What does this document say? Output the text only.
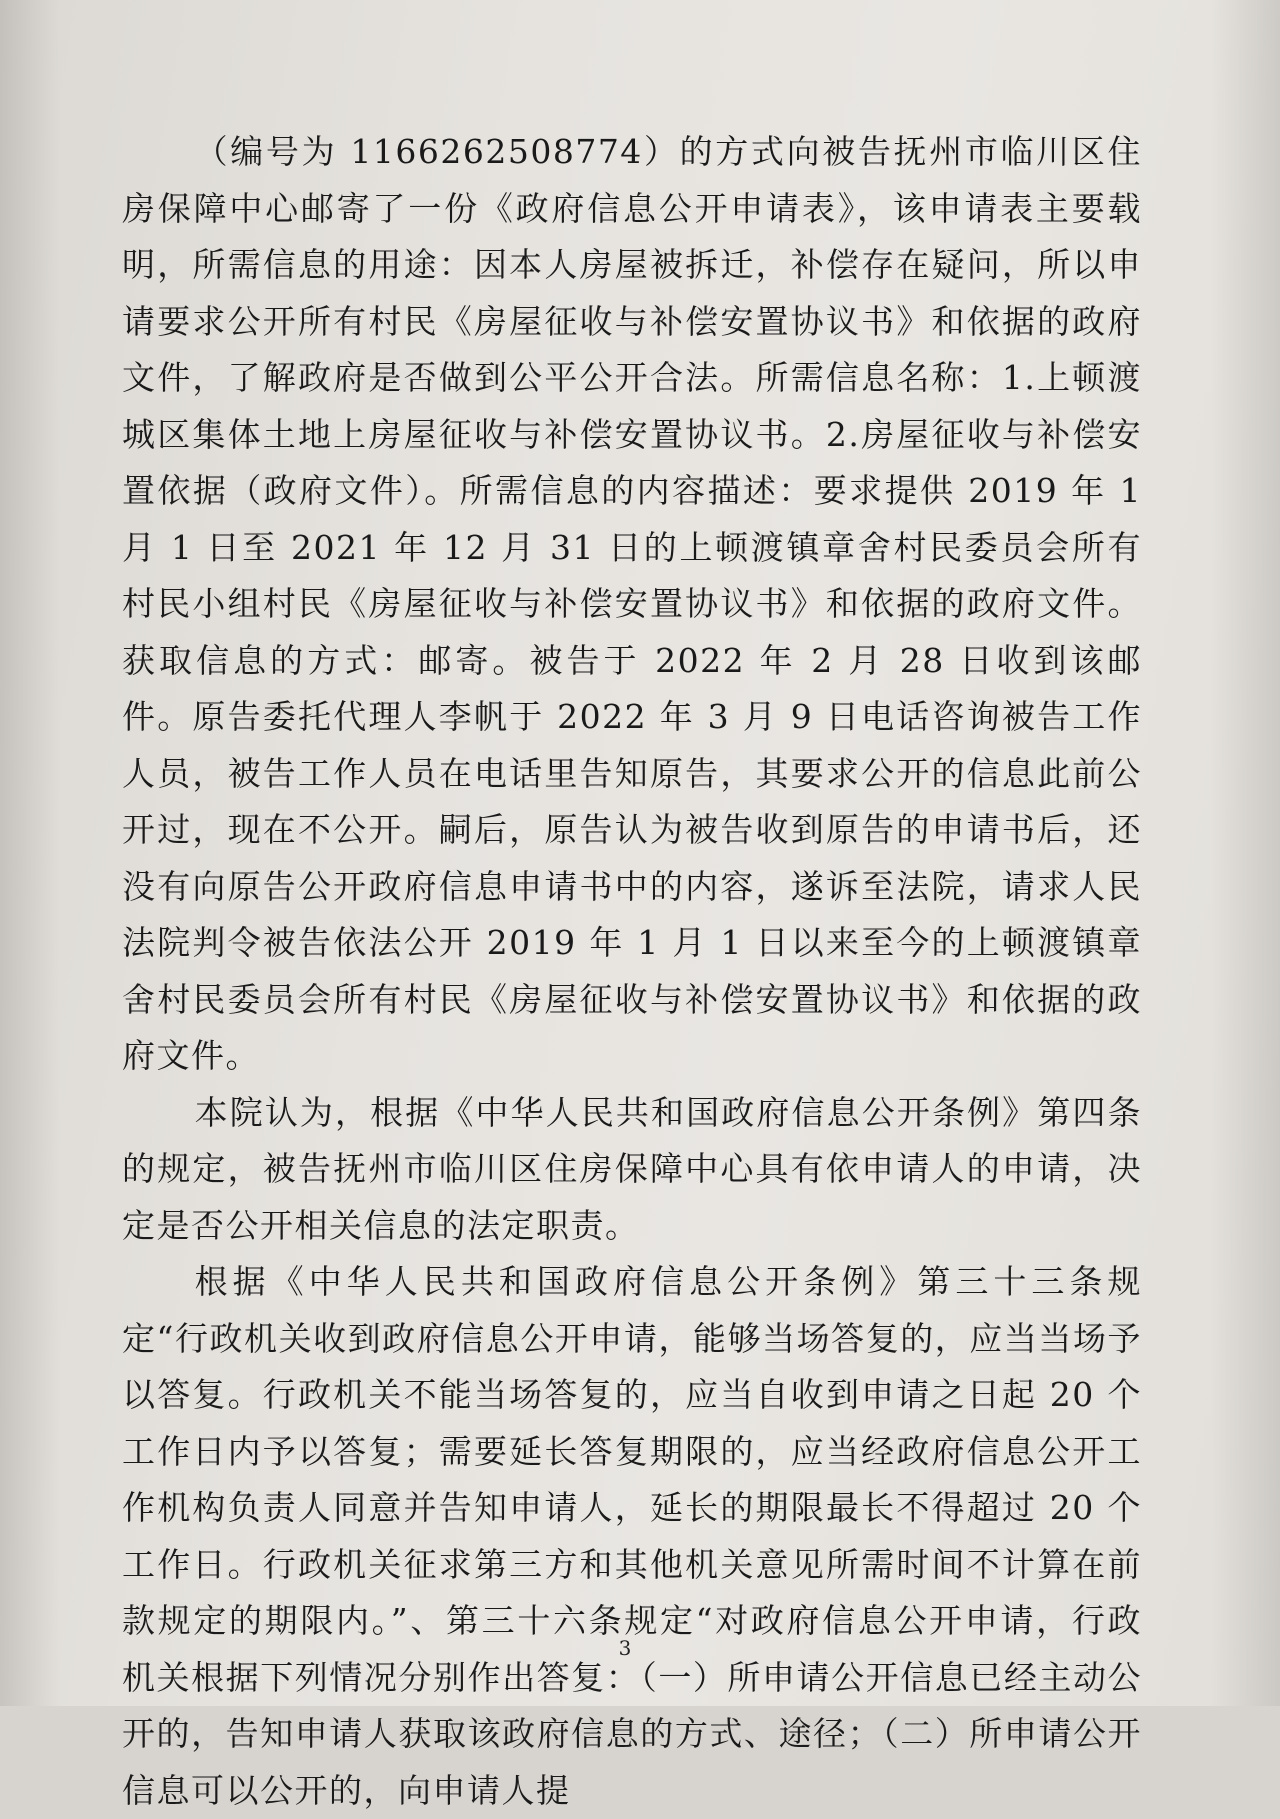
（编号为 1166262508774）的方式向被告抚州市临川区住房保障中心邮寄了一份《政府信息公开申请表》，该申请表主要载明，所需信息的用途：因本人房屋被拆迁，补偿存在疑问，所以申请要求公开所有村民《房屋征收与补偿安置协议书》和依据的政府文件，了解政府是否做到公平公开合法。所需信息名称：1.上顿渡城区集体土地上房屋征收与补偿安置协议书。2.房屋征收与补偿安置依据（政府文件）。所需信息的内容描述：要求提供 2019 年 1 月 1 日至 2021 年 12 月 31 日的上顿渡镇章舍村民委员会所有村民小组村民《房屋征收与补偿安置协议书》和依据的政府文件。获取信息的方式：邮寄。被告于 2022 年 2 月 28 日收到该邮件。原告委托代理人李帆于 2022 年 3 月 9 日电话咨询被告工作人员，被告工作人员在电话里告知原告，其要求公开的信息此前公开过，现在不公开。嗣后，原告认为被告收到原告的申请书后，还没有向原告公开政府信息申请书中的内容，遂诉至法院，请求人民法院判令被告依法公开 2019 年 1 月 1 日以来至今的上顿渡镇章舍村民委员会所有村民《房屋征收与补偿安置协议书》和依据的政府文件。

本院认为，根据《中华人民共和国政府信息公开条例》第四条的规定，被告抚州市临川区住房保障中心具有依申请人的申请，决定是否公开相关信息的法定职责。

根据《中华人民共和国政府信息公开条例》第三十三条规定“行政机关收到政府信息公开申请，能够当场答复的，应当当场予以答复。行政机关不能当场答复的，应当自收到申请之日起 20 个工作日内予以答复；需要延长答复期限的，应当经政府信息公开工作机构负责人同意并告知申请人，延长的期限最长不得超过 20 个工作日。行政机关征求第三方和其他机关意见所需时间不计算在前款规定的期限内。”、第三十六条规定“对政府信息公开申请，行政机关根据下列情况分别作出答复：（一）所申请公开信息已经主动公开的，告知申请人获取该政府信息的方式、途径；（二）所申请公开信息可以公开的，向申请人提

3
